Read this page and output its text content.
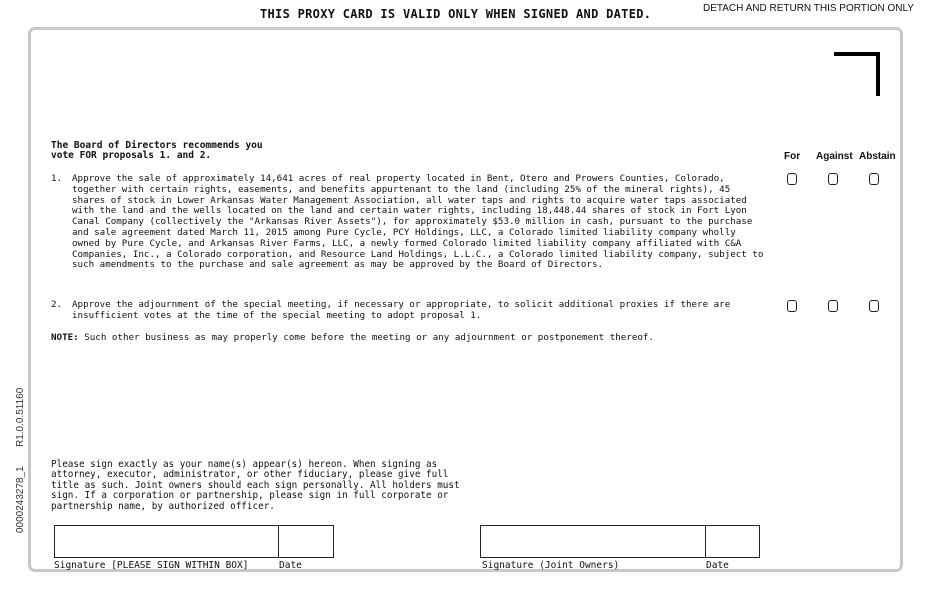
THIS PROXY CARD IS VALID ONLY WHEN SIGNED AND DATED.	DETACH AND RETURN THIS PORTION ONLY
0000243278_1
R1.0.0.51160
The Board of Directors recommends you
vote FOR proposals 1. and 2.	For Against Abstain
1. Approve the sale of approximately 14,641 acres of real property located in Bent, Otero and Prowers Counties, Colorado,
together with certain rights, easements, and benefits appurtenant to the land (including 25% of the mineral rights), 45
shares of stock in Lower Arkansas Water Management Association, all water taps and rights to acquire water taps associated
with the land and the wells located on the land and certain water rights, including 18,448.44 shares of stock in Fort Lyon
Canal Company (collectively the "Arkansas River Assets"), for approximately $53.0 million in cash, pursuant to the purchase
and sale agreement dated March 11, 2015 among Pure Cycle, PCY Holdings, LLC, a Colorado limited liability company wholly
owned by Pure Cycle, and Arkansas River Farms, LLC, a newly formed Colorado limited liability company affiliated with C&A
Companies, Inc., a Colorado corporation, and Resource Land Holdings, L.L.C., a Colorado limited liability company, subject to
such amendments to the purchase and sale agreement as may be approved by the Board of Directors.
2. Approve the adjournment of the special meeting, if necessary or appropriate, to solicit additional proxies if there are
insufficient votes at the time of the special meeting to adopt proposal 1.
NOTE: Such other business as may properly come before the meeting or any adjournment or postponement thereof.
Please sign exactly as your name(s) appear(s) hereon. When signing as
attorney, executor, administrator, or other fiduciary, please give full
title as such. Joint owners should each sign personally. All holders must
sign. If a corporation or partnership, please sign in full corporate or
partnership name, by authorized officer.
Signature [PLEASE SIGN WITHIN BOX]	Date	Signature (Joint Owners)	Date
